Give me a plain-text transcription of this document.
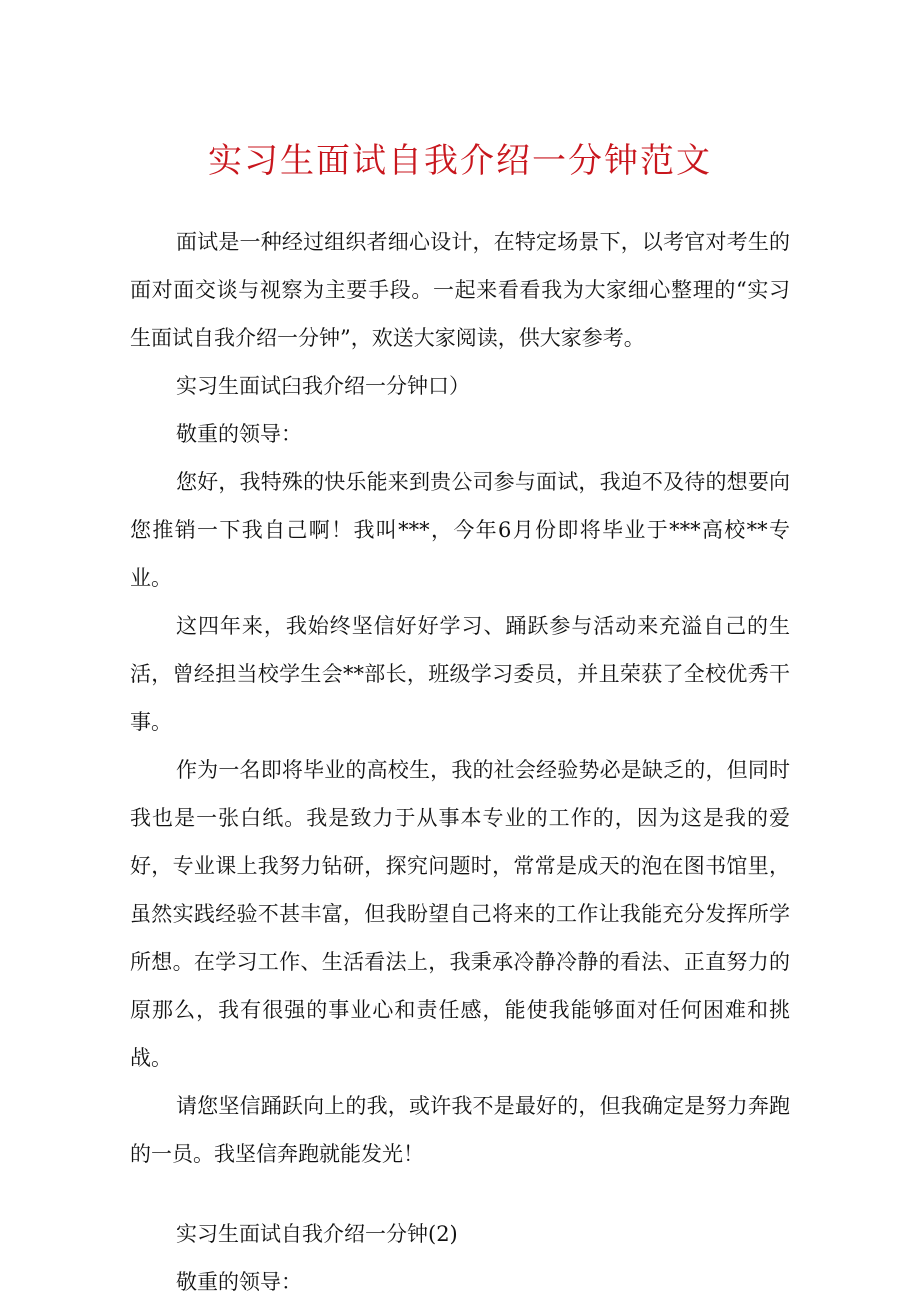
实习生面试自我介绍一分钟范文

面试是一种经过组织者细心设计，在特定场景下，以考官对考生的面对面交谈与视察为主要手段。一起来看看我为大家细心整理的“实习生面试自我介绍一分钟”，欢送大家阅读，供大家参考。

实习生面试臼我介绍一分钟口）

敬重的领导：

您好，我特殊的快乐能来到贵公司参与面试，我迫不及待的想要向您推销一下我自己啊！我叫***，今年6月份即将毕业于***高校**专业。

这四年来，我始终坚信好好学习、踊跃参与活动来充溢自己的生活，曾经担当校学生会**部长，班级学习委员，并且荣获了全校优秀干事。

作为一名即将毕业的高校生，我的社会经验势必是缺乏的，但同时我也是一张白纸。我是致力于从事本专业的工作的，因为这是我的爱好，专业课上我努力钻研，探究问题时，常常是成天的泡在图书馆里，虽然实践经验不甚丰富，但我盼望自己将来的工作让我能充分发挥所学所想。在学习工作、生活看法上，我秉承冷静冷静的看法、正直努力的原那么，我有很强的事业心和责任感，能使我能够面对任何困难和挑战。

请您坚信踊跃向上的我，或许我不是最好的，但我确定是努力奔跑的一员。我坚信奔跑就能发光！

实习生面试自我介绍一分钟(2)

敬重的领导：
